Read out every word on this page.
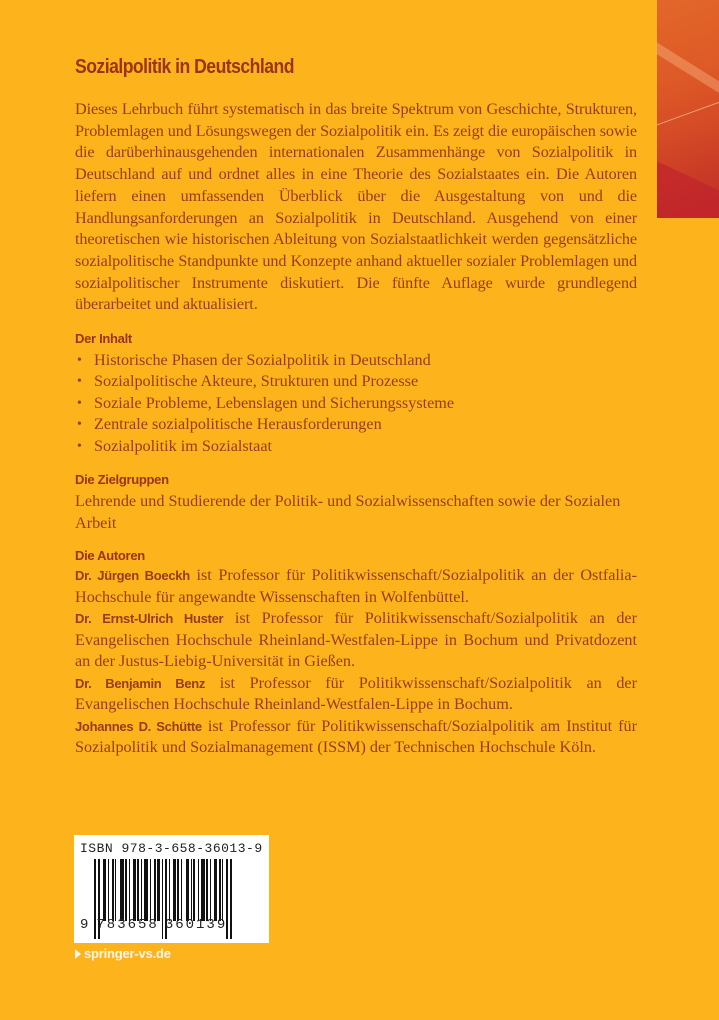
Sozialpolitik in Deutschland

Dieses Lehrbuch führt systematisch in das breite Spektrum von Geschichte, Strukturen, Problemlagen und Lösungswegen der Sozialpolitik ein. Es zeigt die europäischen sowie die darüberhinausgehenden internationalen Zusammenhänge von Sozialpolitik in Deutschland auf und ordnet alles in eine Theorie des Sozialstaates ein. Die Autoren liefern einen umfassenden Überblick über die Ausgestaltung von und die Handlungsanforderungen an Sozialpolitik in Deutschland. Ausgehend von einer theoretischen wie historischen Ableitung von Sozialstaatlichkeit werden gegensätzliche sozialpolitische Standpunkte und Konzepte anhand aktueller sozialer Problemlagen und sozialpolitischer Instrumente diskutiert. Die fünfte Auflage wurde grundlegend überarbeitet und aktualisiert.

Der Inhalt
• Historische Phasen der Sozialpolitik in Deutschland
• Sozialpolitische Akteure, Strukturen und Prozesse
• Soziale Probleme, Lebenslagen und Sicherungssysteme
• Zentrale sozialpolitische Herausforderungen
• Sozialpolitik im Sozialstaat
Die Zielgruppen

Lehrende und Studierende der Politik- und Sozialwissenschaften sowie der Sozialen Arbeit

Die Autoren

Dr. Jürgen Boeckh ist Professor für Politikwissenschaft/Sozialpolitik an der Ostfalia-Hochschule für angewandte Wissenschaften in Wolfenbüttel.

Dr. Ernst-Ulrich Huster ist Professor für Politikwissenschaft/Sozialpolitik an der Evangelischen Hochschule Rheinland-Westfalen-Lippe in Bochum und Privatdozent an der Justus-Liebig-Universität in Gießen.

Dr. Benjamin Benz ist Professor für Politikwissenschaft/Sozialpolitik an der Evangelischen Hochschule Rheinland-Westfalen-Lippe in Bochum.

Johannes D. Schütte ist Professor für Politikwissenschaft/Sozialpolitik am Institut für Sozialpolitik und Sozialmanagement (ISSM) der Technischen Hochschule Köln.

ISBN 978-3-658-36013-9
9 783658 360139
springer-vs.de
